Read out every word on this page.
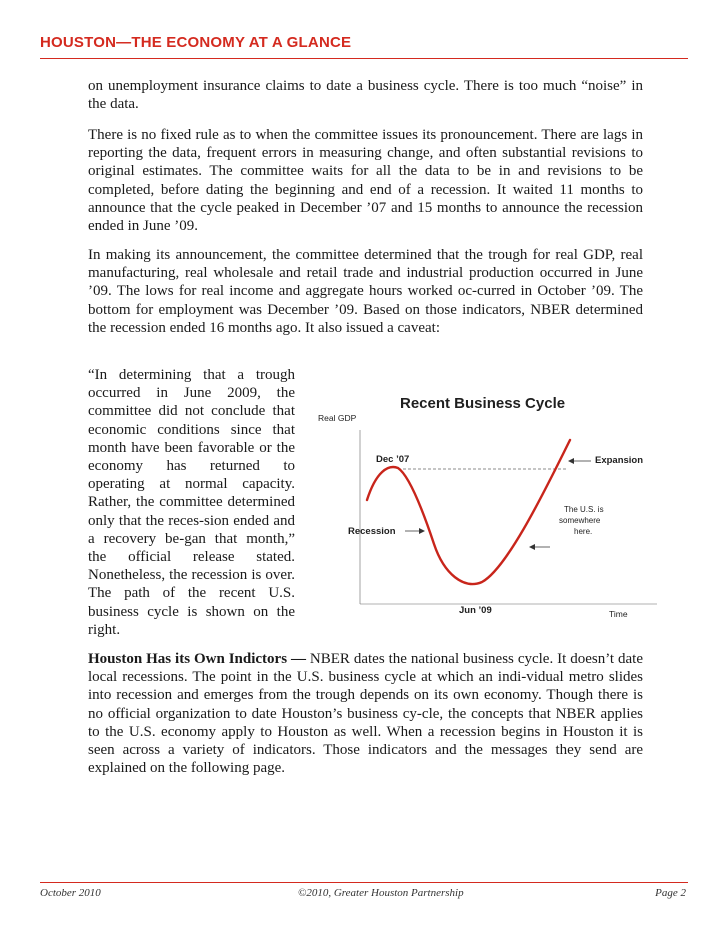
HOUSTON—THE ECONOMY AT A GLANCE

on unemployment insurance claims to date a business cycle. There is too much “noise” in the data.

There is no fixed rule as to when the committee issues its pronouncement. There are lags in reporting the data, frequent errors in measuring change, and often substantial revisions to original estimates. The committee waits for all the data to be in and revisions to be completed, before dating the beginning and end of a recession. It waited 11 months to announce that the cycle peaked in December ’07 and 15 months to announce the recession ended in June ’09.

In making its announcement, the committee determined that the trough for real GDP, real manufacturing, real wholesale and retail trade and industrial production occurred in June ’09. The lows for real income and aggregate hours worked oc-curred in October ’09. The bottom for employment was December ’09. Based on those indicators, NBER determined the recession ended 16 months ago. It also issued a caveat:

“In determining that a trough occurred in June 2009, the committee did not conclude that economic conditions since that month have been favorable or the economy has returned to operating at normal capacity. Rather, the committee determined only that the reces-sion ended and a recovery be-gan that month,” the official release stated. Nonetheless, the recession is over. The path of the recent U.S. business cycle is shown on the right.

Recent Business Cycle
Real GDP
Dec ’07
Jun ’09
Recession
Expansion
The U.S. is
somewhere
here.
Time

Houston Has its Own Indictors — NBER dates the national business cycle. It doesn’t date local recessions. The point in the U.S. business cycle at which an indi-vidual metro slides into recession and emerges from the trough depends on its own economy. Though there is no official organization to date Houston’s business cy-cle, the concepts that NBER applies to the U.S. economy apply to Houston as well. When a recession begins in Houston it is seen across a variety of indicators. Those indicators and the messages they send are explained on the following page.

October 2010	©2010, Greater Houston Partnership	Page 2
